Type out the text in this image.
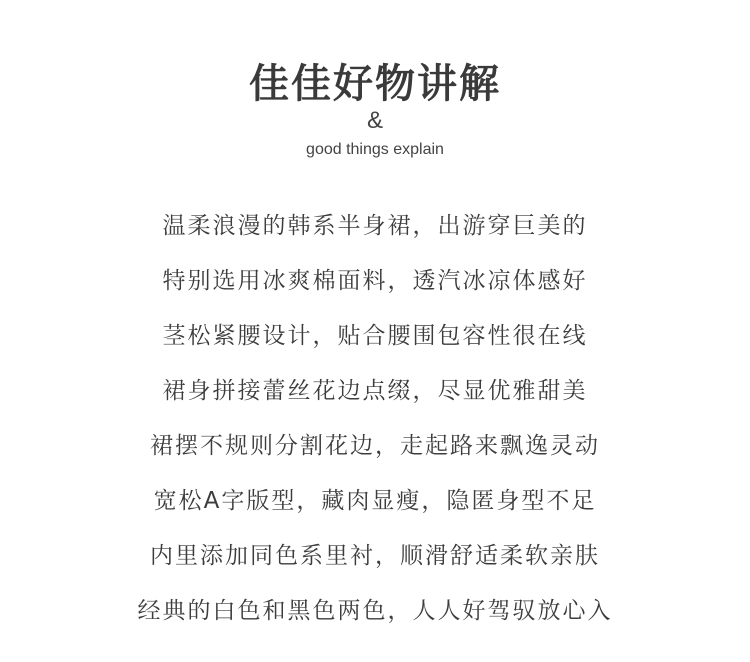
佳佳好物讲解
&
good things explain
温柔浪漫的韩系半身裙，出游穿巨美的
特别选用冰爽棉面料，透汽冰凉体感好
茎松紧腰设计，贴合腰围包容性很在线
裙身拼接蕾丝花边点缀，尽显优雅甜美
裙摆不规则分割花边，走起路来飘逸灵动
宽松A字版型，藏肉显瘦，隐匿身型不足
内里添加同色系里衬，顺滑舒适柔软亲肤
经典的白色和黑色两色，人人好驾驭放心入
